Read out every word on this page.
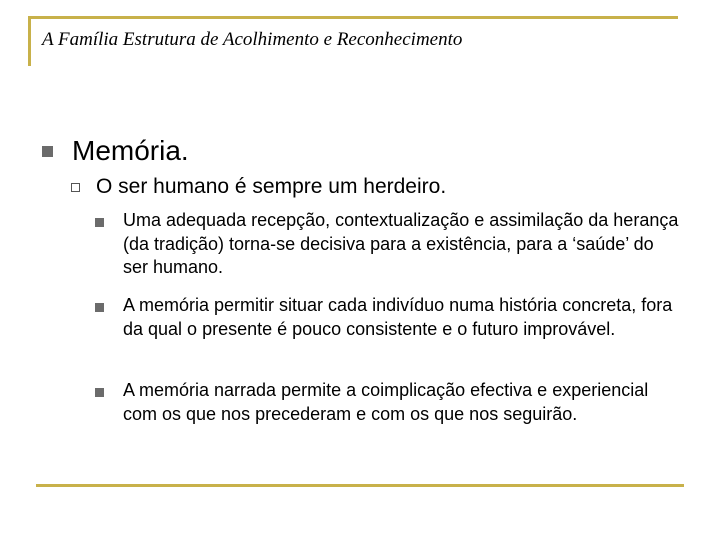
A Família Estrutura de Acolhimento e Reconhecimento
Memória.
O ser humano é sempre um herdeiro.
Uma adequada recepção, contextualização e assimilação da herança (da tradição) torna-se decisiva para a existência, para a ‘saúde’ do ser humano.
A memória permitir situar cada indivíduo numa história concreta, fora da qual o presente é pouco consistente e o futuro improvável.
A memória narrada permite a coimplicação efectiva e experiencial com os que nos precederam e com os que nos seguirão.
